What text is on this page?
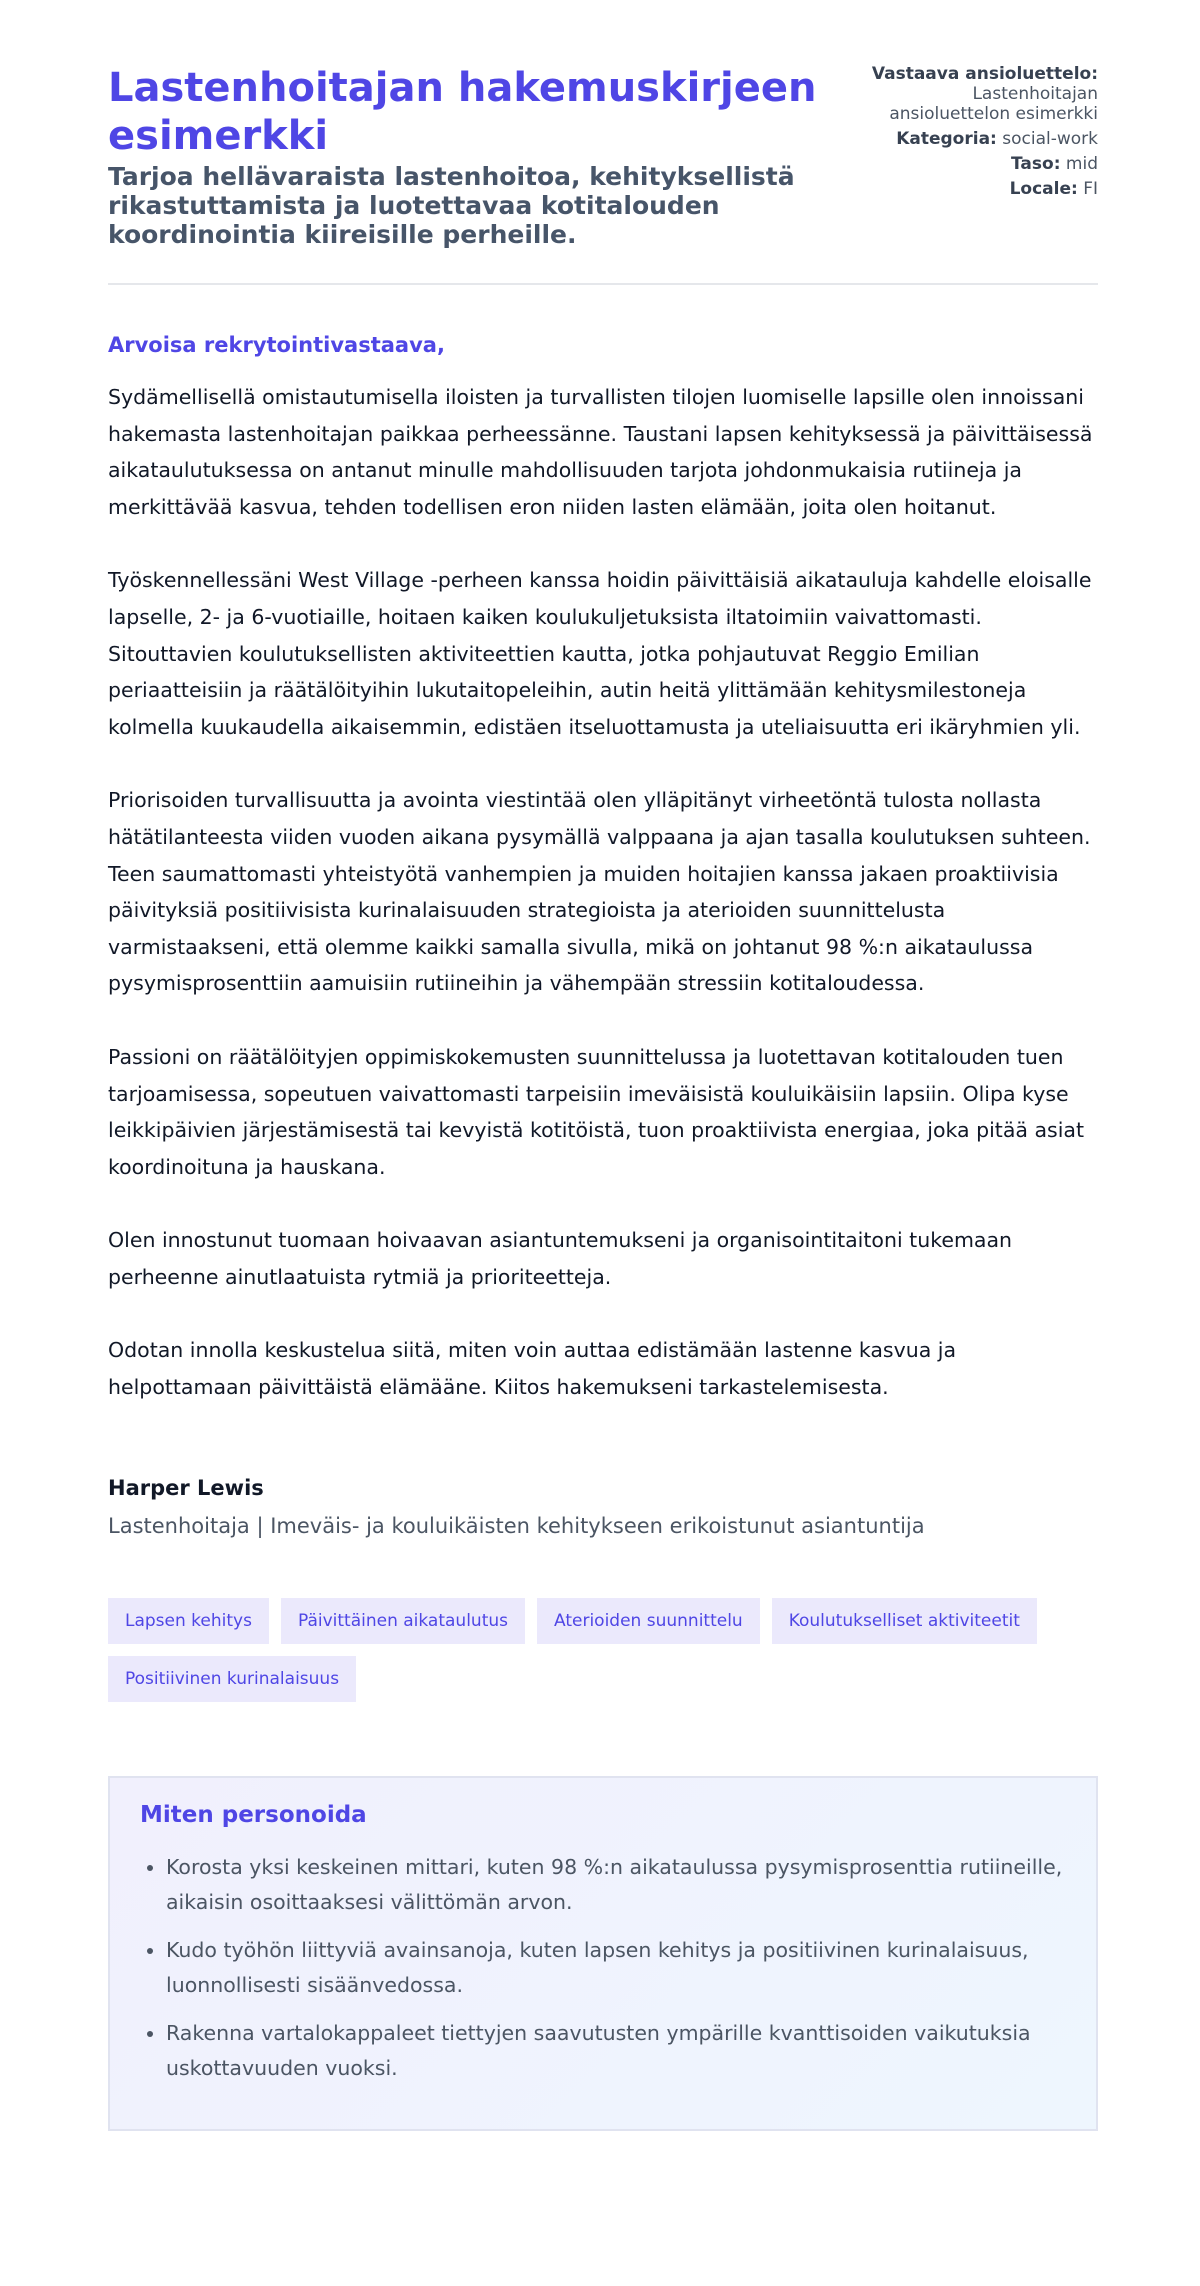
Lastenhoitajan hakemuskirjeen esimerkki

Tarjoa hellävaraista lastenhoitoa, kehityksellistä rikastuttamista ja luotettavaa kotitalouden koordinointia kiireisille perheille.

Vastaava ansioluettelo:
Lastenhoitajan ansioluettelon esimerkki
Kategoria: social-work
Taso: mid
Locale: FI
Arvoisa rekrytointivastaava,

Sydämellisellä omistautumisella iloisten ja turvallisten tilojen luomiselle lapsille olen innoissani hakemasta lastenhoitajan paikkaa perheessänne. Taustani lapsen kehityksessä ja päivittäisessä aikataulutuksessa on antanut minulle mahdollisuuden tarjota johdonmukaisia rutiineja ja merkittävää kasvua, tehden todellisen eron niiden lasten elämään, joita olen hoitanut.

Työskennellessäni West Village -perheen kanssa hoidin päivittäisiä aikatauluja kahdelle eloisalle lapselle, 2- ja 6-vuotiaille, hoitaen kaiken koulukuljetuksista iltatoimiin vaivattomasti. Sitouttavien koulutuksellisten aktiviteettien kautta, jotka pohjautuvat Reggio Emilian periaatteisiin ja räätälöityihin lukutaitopeleihin, autin heitä ylittämään kehitysmilestoneja kolmella kuukaudella aikaisemmin, edistäen itseluottamusta ja uteliaisuutta eri ikäryhmien yli.

Priorisoiden turvallisuutta ja avointa viestintää olen ylläpitänyt virheetöntä tulosta nollasta hätätilanteesta viiden vuoden aikana pysymällä valppaana ja ajan tasalla koulutuksen suhteen. Teen saumattomasti yhteistyötä vanhempien ja muiden hoitajien kanssa jakaen proaktiivisia päivityksiä positiivisista kurinalaisuuden strategioista ja aterioiden suunnittelusta varmistaakseni, että olemme kaikki samalla sivulla, mikä on johtanut 98 %:n aikataulussa pysymisprosenttiin aamuisiin rutiineihin ja vähempään stressiin kotitaloudessa.

Passioni on räätälöityjen oppimiskokemusten suunnittelussa ja luotettavan kotitalouden tuen tarjoamisessa, sopeutuen vaivattomasti tarpeisiin imeväisistä kouluikäisiin lapsiin. Olipa kyse leikkipäivien järjestämisestä tai kevyistä kotitöistä, tuon proaktiivista energiaa, joka pitää asiat koordinoituna ja hauskana.

Olen innostunut tuomaan hoivaavan asiantuntemukseni ja organisointitaitoni tukemaan perheenne ainutlaatuista rytmiä ja prioriteetteja.

Odotan innolla keskustelua siitä, miten voin auttaa edistämään lastenne kasvua ja helpottamaan päivittäistä elämääne. Kiitos hakemukseni tarkastelemisesta.

Harper Lewis
Lastenhoitaja | Imeväis- ja kouluikäisten kehitykseen erikoistunut asiantuntija
Lapsen kehitys	Päivittäinen aikataulutus	Aterioiden suunnittelu	Koulutukselliset aktiviteetit
Positiivinen kurinalaisuus
Miten personoida
• Korosta yksi keskeinen mittari, kuten 98 %:n aikataulussa pysymisprosenttia rutiineille, aikaisin osoittaaksesi välittömän arvon.
• Kudo työhön liittyviä avainsanoja, kuten lapsen kehitys ja positiivinen kurinalaisuus, luonnollisesti sisäänvedossa.
• Rakenna vartalokappaleet tiettyjen saavutusten ympärille kvanttisoiden vaikutuksia uskottavuuden vuoksi.
